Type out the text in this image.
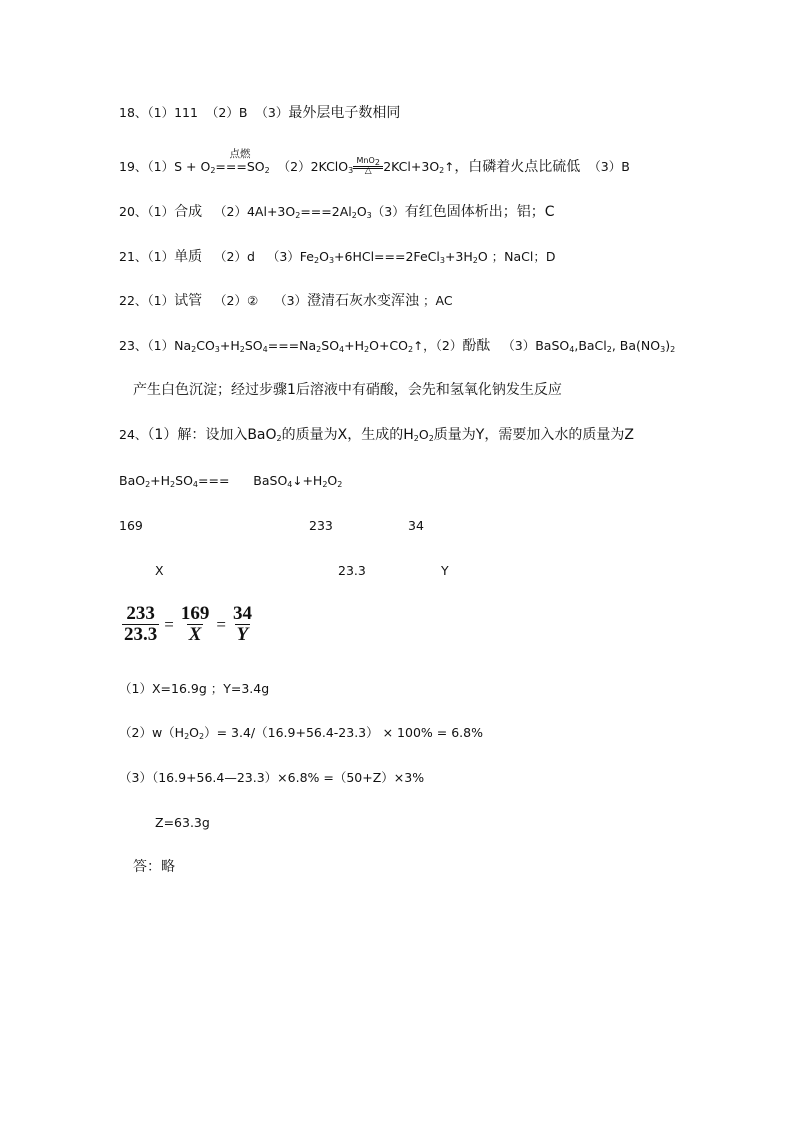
18、（1）111 （2）B （3）最外层电子数相同
19、$(1)S + O_2$
点燃
$===SO_2$ （2）2KClO$_3$
MnO$_2$
△ $2KCl+3O_2↑$，白磷着火点比硫低 （3）B
20、（1）合成 $(2)4Al+3O_2===2Al_2O_3(3)$有红色固体析出；铝；C
21、（1）单质 （2）d $(3)Fe_2O_3+6HCl===2FeCl_3+3H_2O$ ；NaCl；D
22、（1）试管 （2）② （3）澄清石灰水变浑浊 ；AC
23、$(1)Na_2CO_3+H_2SO_4===Na_2SO_4+H_2O+CO_2↑$，（2）酚酞 （3）BaSO$_4$,BaCl$_2$, $Ba(NO_3)_2$
产生白色沉淀；经过步骤1后溶液中有硝酸，会先和氢氧化钠发生反应
24、（1）解：设加入BaO$_2$的质量为X，生成的$H_2O_2$质量为Y，需要加入水的质量为Z
$BaO_2+H_2SO_4===$ $BaSO_4↓+H_2O_2$
169	233	34
X	23.3	Y
$\frac{233}{23.3} = \frac{169}{X} = \frac{34}{Y}$
（1）X=16.9g ；Y=3.4g
$(2)w(H_2O_2)= 3.4/(16.9+56.4-23.3) \times 100\% = 6.8\%$
（3）（16.9+56.4—23.3）×6.8% =（50+Z）×3%
Z=63.3g
答：略
